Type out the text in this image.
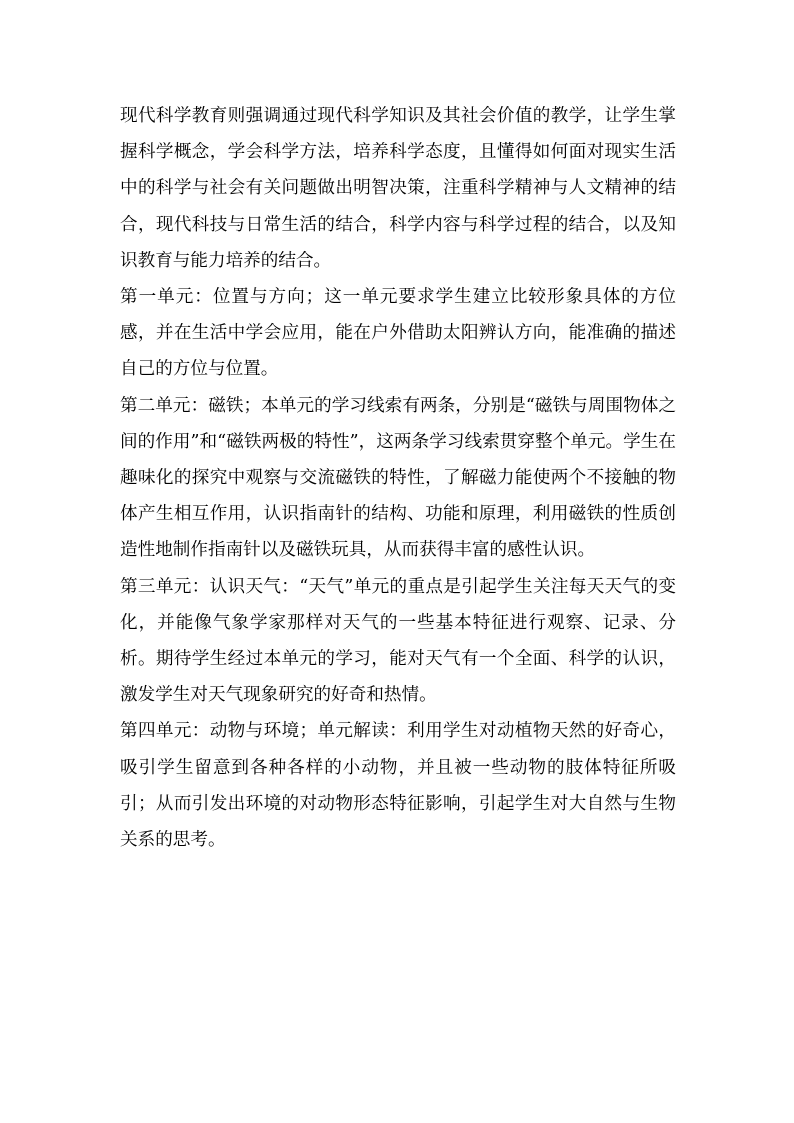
现代科学教育则强调通过现代科学知识及其社会价值的教学，让学生掌握科学概念，学会科学方法，培养科学态度，且懂得如何面对现实生活中的科学与社会有关问题做出明智决策，注重科学精神与人文精神的结合，现代科技与日常生活的结合，科学内容与科学过程的结合，以及知识教育与能力培养的结合。

第一单元：位置与方向；这一单元要求学生建立比较形象具体的方位感，并在生活中学会应用，能在户外借助太阳辨认方向，能准确的描述自己的方位与位置。

第二单元：磁铁；本单元的学习线索有两条，分别是“磁铁与周围物体之间的作用”和“磁铁两极的特性”，这两条学习线索贯穿整个单元。学生在趣味化的探究中观察与交流磁铁的特性，了解磁力能使两个不接触的物体产生相互作用，认识指南针的结构、功能和原理，利用磁铁的性质创造性地制作指南针以及磁铁玩具，从而获得丰富的感性认识。

第三单元：认识天气：“天气”单元的重点是引起学生关注每天天气的变化，并能像气象学家那样对天气的一些基本特征进行观察、记录、分析。期待学生经过本单元的学习，能对天气有一个全面、科学的认识，激发学生对天气现象研究的好奇和热情。

第四单元：动物与环境；单元解读：利用学生对动植物天然的好奇心，吸引学生留意到各种各样的小动物，并且被一些动物的肢体特征所吸引；从而引发出环境的对动物形态特征影响，引起学生对大自然与生物关系的思考。
